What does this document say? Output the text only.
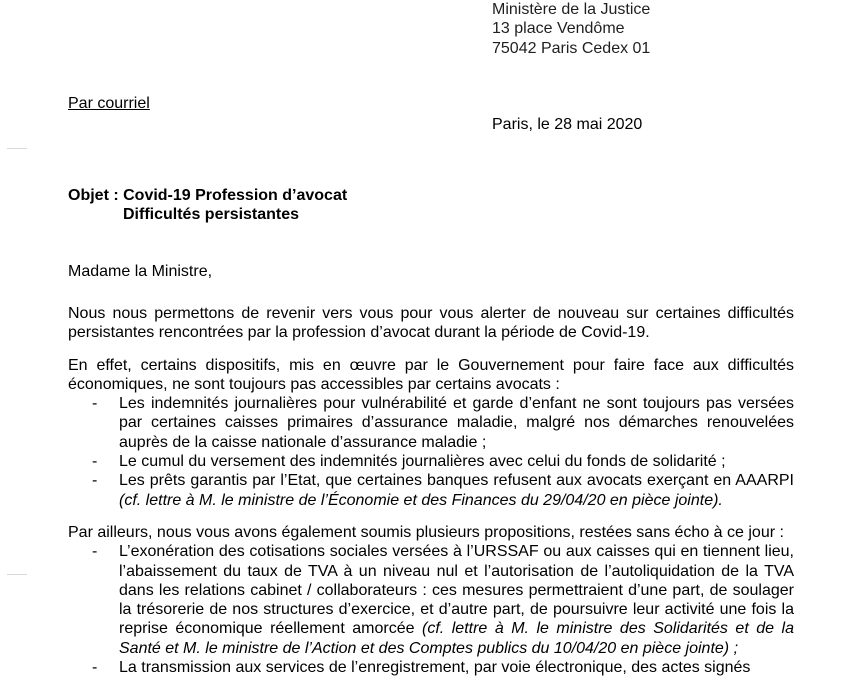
Ministère de la Justice
13 place Vendôme
75042 Paris Cedex 01
Par courriel
Paris, le 28 mai 2020
Objet : Covid-19 Profession d’avocat
Difficultés persistantes
Madame la Ministre,

Nous nous permettons de revenir vers vous pour vous alerter de nouveau sur certaines difficultés persistantes rencontrées par la profession d’avocat durant la période de Covid-19.

En effet, certains dispositifs, mis en œuvre par le Gouvernement pour faire face aux difficultés économiques, ne sont toujours pas accessibles par certains avocats :

- Les indemnités journalières pour vulnérabilité et garde d’enfant ne sont toujours pas versées par certaines caisses primaires d’assurance maladie, malgré nos démarches renouvelées auprès de la caisse nationale d’assurance maladie ;
- Le cumul du versement des indemnités journalières avec celui du fonds de solidarité ;
- Les prêts garantis par l’Etat, que certaines banques refusent aux avocats exerçant en AAARPI (cf. lettre à M. le ministre de l’Économie et des Finances du 29/04/20 en pièce jointe).

Par ailleurs, nous vous avons également soumis plusieurs propositions, restées sans écho à ce jour :

- L’exonération des cotisations sociales versées à l’URSSAF ou aux caisses qui en tiennent lieu, l’abaissement du taux de TVA à un niveau nul et l’autorisation de l’autoliquidation de la TVA dans les relations cabinet / collaborateurs : ces mesures permettraient d’une part, de soulager la trésorerie de nos structures d’exercice, et d’autre part, de poursuivre leur activité une fois la reprise économique réellement amorcée (cf. lettre à M. le ministre des Solidarités et de la Santé et M. le ministre de l’Action et des Comptes publics du 10/04/20 en pièce jointe) ;
- La transmission aux services de l’enregistrement, par voie électronique, des actes signés
